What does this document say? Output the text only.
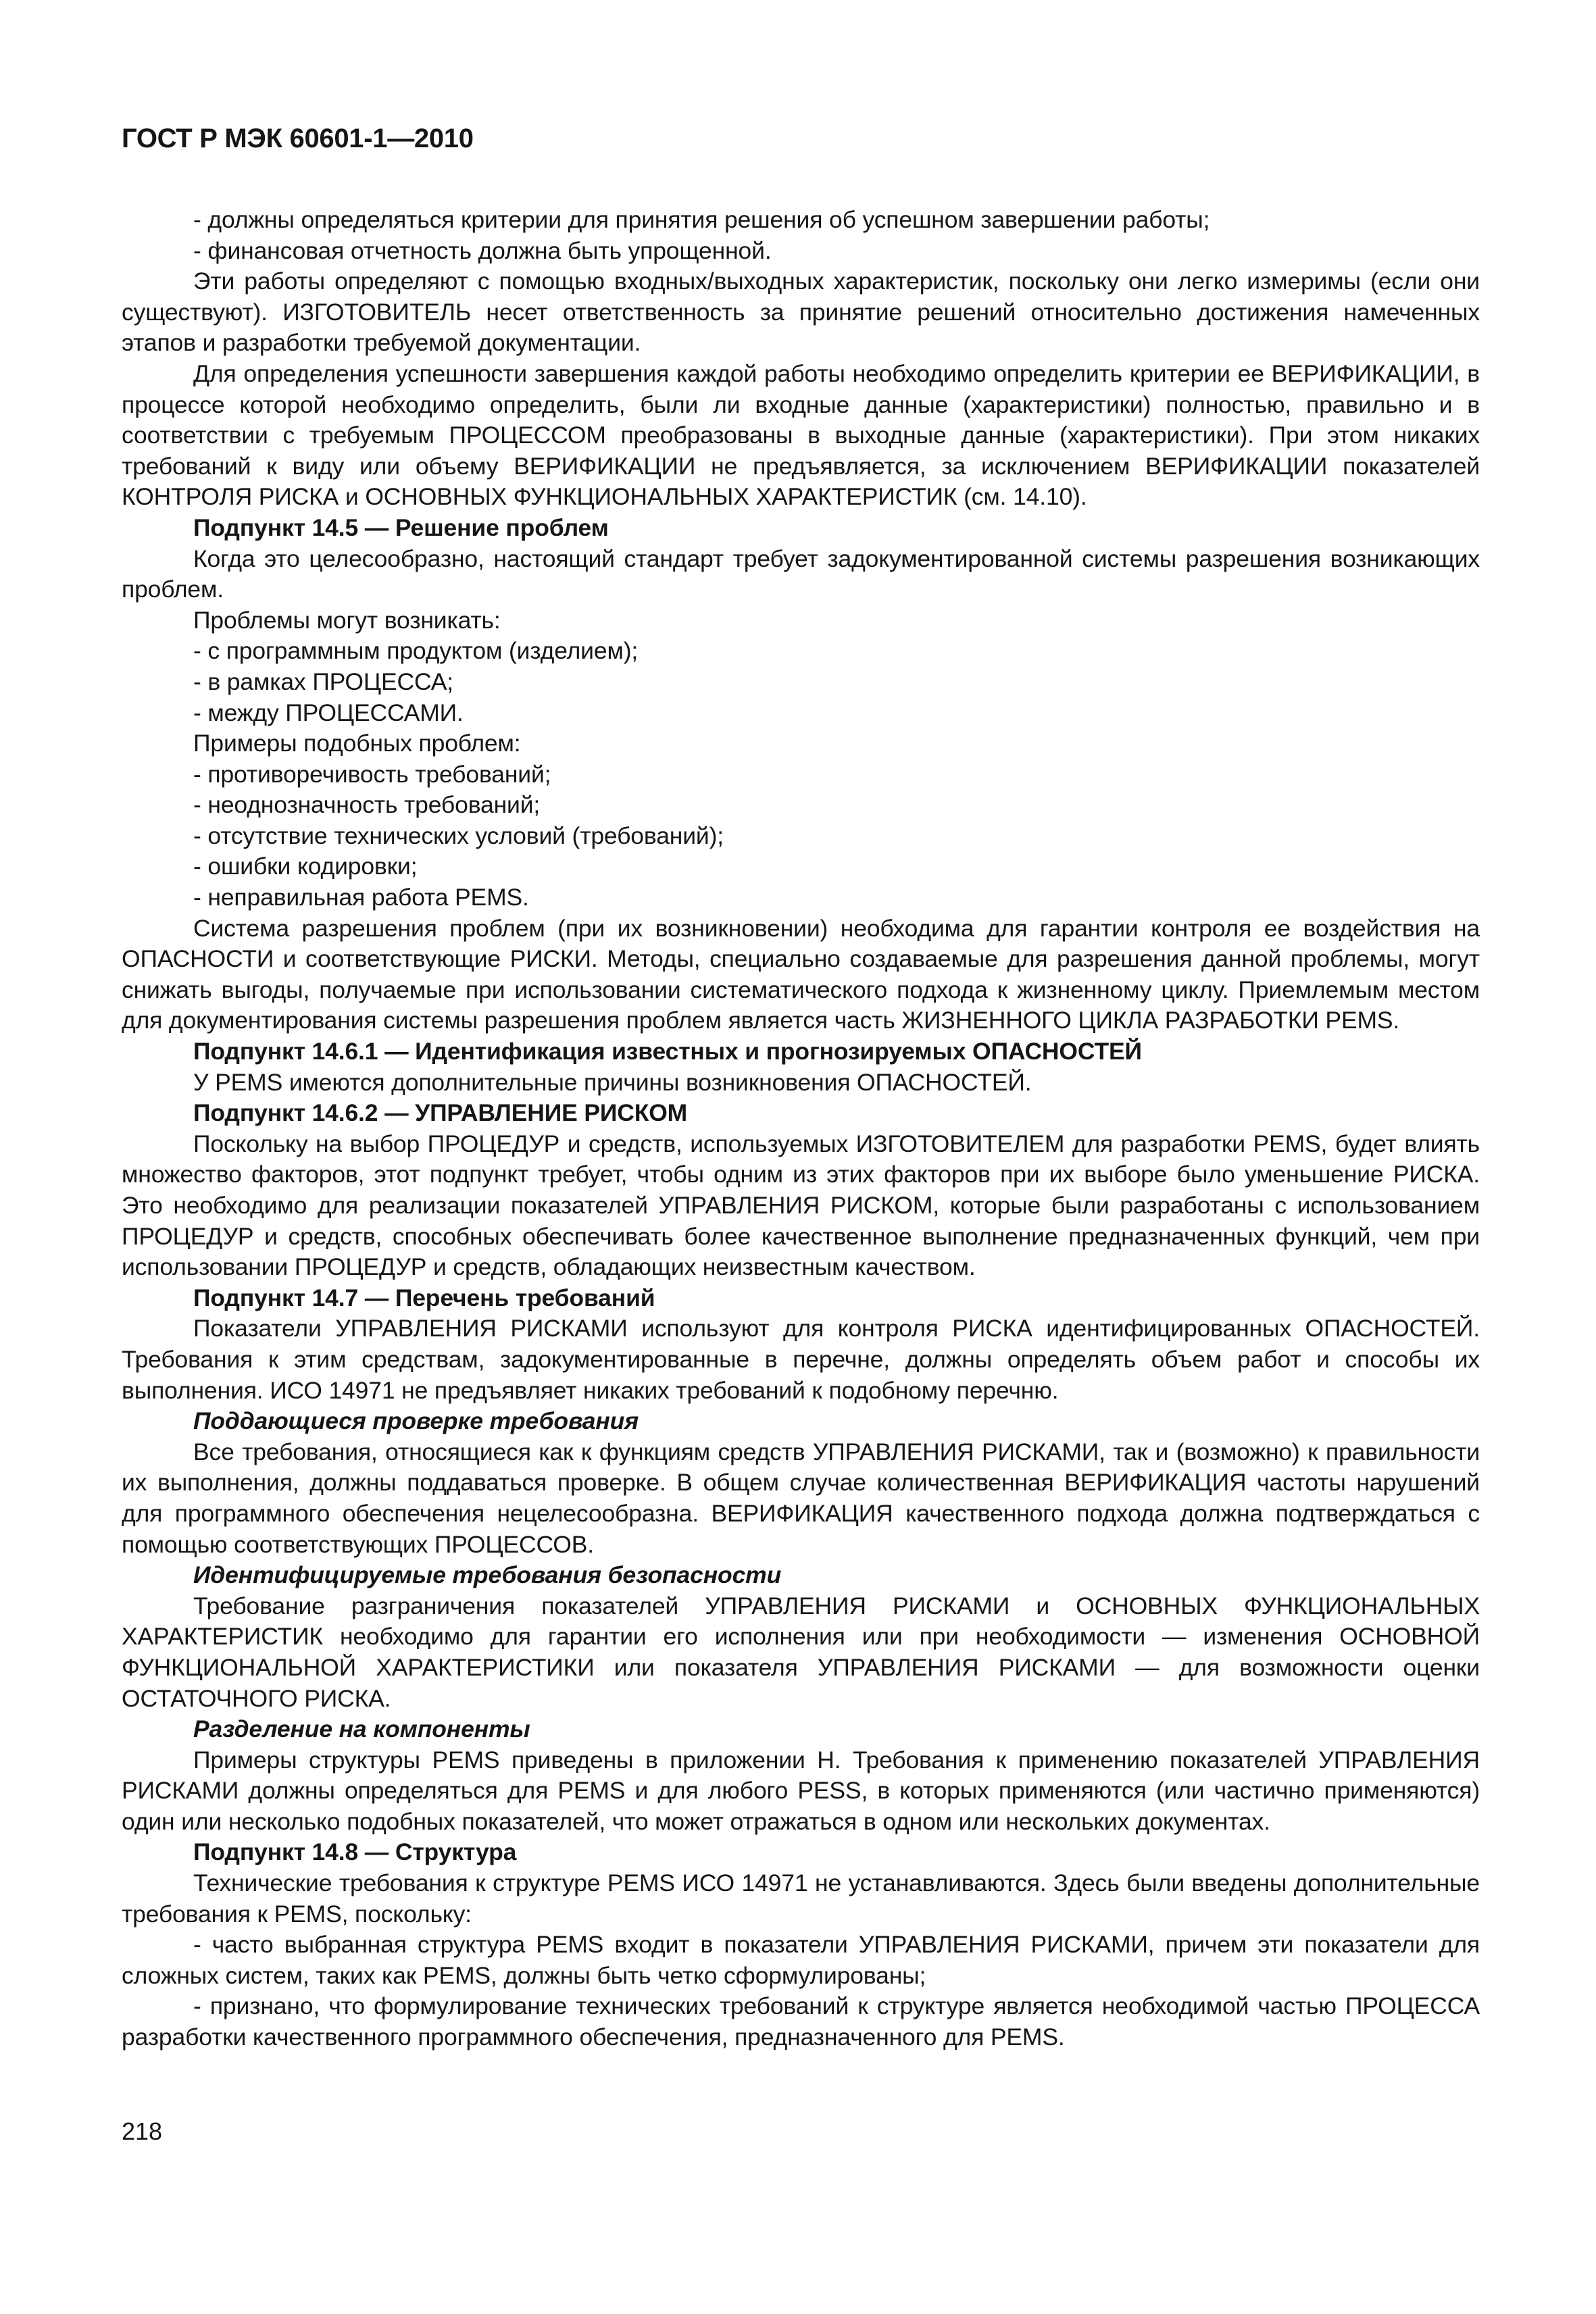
ГОСТ Р МЭК 60601-1—2010

- должны определяться критерии для принятия решения об успешном завершении работы;

- финансовая отчетность должна быть упрощенной.

Эти работы определяют с помощью входных/выходных характеристик, поскольку они легко измеримы (если они существуют). ИЗГОТОВИТЕЛЬ несет ответственность за принятие решений относительно достижения намеченных этапов и разработки требуемой документации.

Для определения успешности завершения каждой работы необходимо определить критерии ее ВЕРИФИКАЦИИ, в процессе которой необходимо определить, были ли входные данные (характеристики) полностью, правильно и в соответствии с требуемым ПРОЦЕССОМ преобразованы в выходные данные (характеристики). При этом никаких требований к виду или объему ВЕРИФИКАЦИИ не предъявляется, за исключением ВЕРИФИКАЦИИ показателей КОНТРОЛЯ РИСКА и ОСНОВНЫХ ФУНКЦИОНАЛЬНЫХ ХАРАКТЕРИСТИК (см. 14.10).

Подпункт 14.5 — Решение проблем

Когда это целесообразно, настоящий стандарт требует задокументированной системы разрешения возникающих проблем.

Проблемы могут возникать:

- с программным продуктом (изделием);

- в рамках ПРОЦЕССА;

- между ПРОЦЕССАМИ.

Примеры подобных проблем:

- противоречивость требований;

- неоднозначность требований;

- отсутствие технических условий (требований);

- ошибки кодировки;

- неправильная работа PEMS.

Система разрешения проблем (при их возникновении) необходима для гарантии контроля ее воздействия на ОПАСНОСТИ и соответствующие РИСКИ. Методы, специально создаваемые для разрешения данной проблемы, могут снижать выгоды, получаемые при использовании систематического подхода к жизненному циклу. Приемлемым местом для документирования системы разрешения проблем является часть ЖИЗНЕННОГО ЦИКЛА РАЗРАБОТКИ PEMS.

Подпункт 14.6.1 — Идентификация известных и прогнозируемых ОПАСНОСТЕЙ

У PEMS имеются дополнительные причины возникновения ОПАСНОСТЕЙ.

Подпункт 14.6.2 — УПРАВЛЕНИЕ РИСКОМ

Поскольку на выбор ПРОЦЕДУР и средств, используемых ИЗГОТОВИТЕЛЕМ для разработки PEMS, будет влиять множество факторов, этот подпункт требует, чтобы одним из этих факторов при их выборе было уменьшение РИСКА. Это необходимо для реализации показателей УПРАВЛЕНИЯ РИСКОМ, которые были разработаны с использованием ПРОЦЕДУР и средств, способных обеспечивать более качественное выполнение предназначенных функций, чем при использовании ПРОЦЕДУР и средств, обладающих неизвестным качеством.

Подпункт 14.7 — Перечень требований

Показатели УПРАВЛЕНИЯ РИСКАМИ используют для контроля РИСКА идентифицированных ОПАСНОСТЕЙ. Требования к этим средствам, задокументированные в перечне, должны определять объем работ и способы их выполнения. ИСО 14971 не предъявляет никаких требований к подобному перечню.

Поддающиеся проверке требования

Все требования, относящиеся как к функциям средств УПРАВЛЕНИЯ РИСКАМИ, так и (возможно) к правильности их выполнения, должны поддаваться проверке. В общем случае количественная ВЕРИФИКАЦИЯ частоты нарушений для программного обеспечения нецелесообразна. ВЕРИФИКАЦИЯ качественного подхода должна подтверждаться с помощью соответствующих ПРОЦЕССОВ.

Идентифицируемые требования безопасности

Требование разграничения показателей УПРАВЛЕНИЯ РИСКАМИ и ОСНОВНЫХ ФУНКЦИОНАЛЬНЫХ ХАРАКТЕРИСТИК необходимо для гарантии его исполнения или при необходимости — изменения ОСНОВНОЙ ФУНКЦИОНАЛЬНОЙ ХАРАКТЕРИСТИКИ или показателя УПРАВЛЕНИЯ РИСКАМИ — для возможности оценки ОСТАТОЧНОГО РИСКА.

Разделение на компоненты

Примеры структуры PEMS приведены в приложении Н. Требования к применению показателей УПРАВЛЕНИЯ РИСКАМИ должны определяться для PEMS и для любого PESS, в которых применяются (или частично применяются) один или несколько подобных показателей, что может отражаться в одном или нескольких документах.

Подпункт 14.8 — Структура

Технические требования к структуре PEMS ИСО 14971 не устанавливаются. Здесь были введены дополнительные требования к PEMS, поскольку:

- часто выбранная структура PEMS входит в показатели УПРАВЛЕНИЯ РИСКАМИ, причем эти показатели для сложных систем, таких как PEMS, должны быть четко сформулированы;

- признано, что формулирование технических требований к структуре является необходимой частью ПРОЦЕССА разработки качественного программного обеспечения, предназначенного для PEMS.

218
